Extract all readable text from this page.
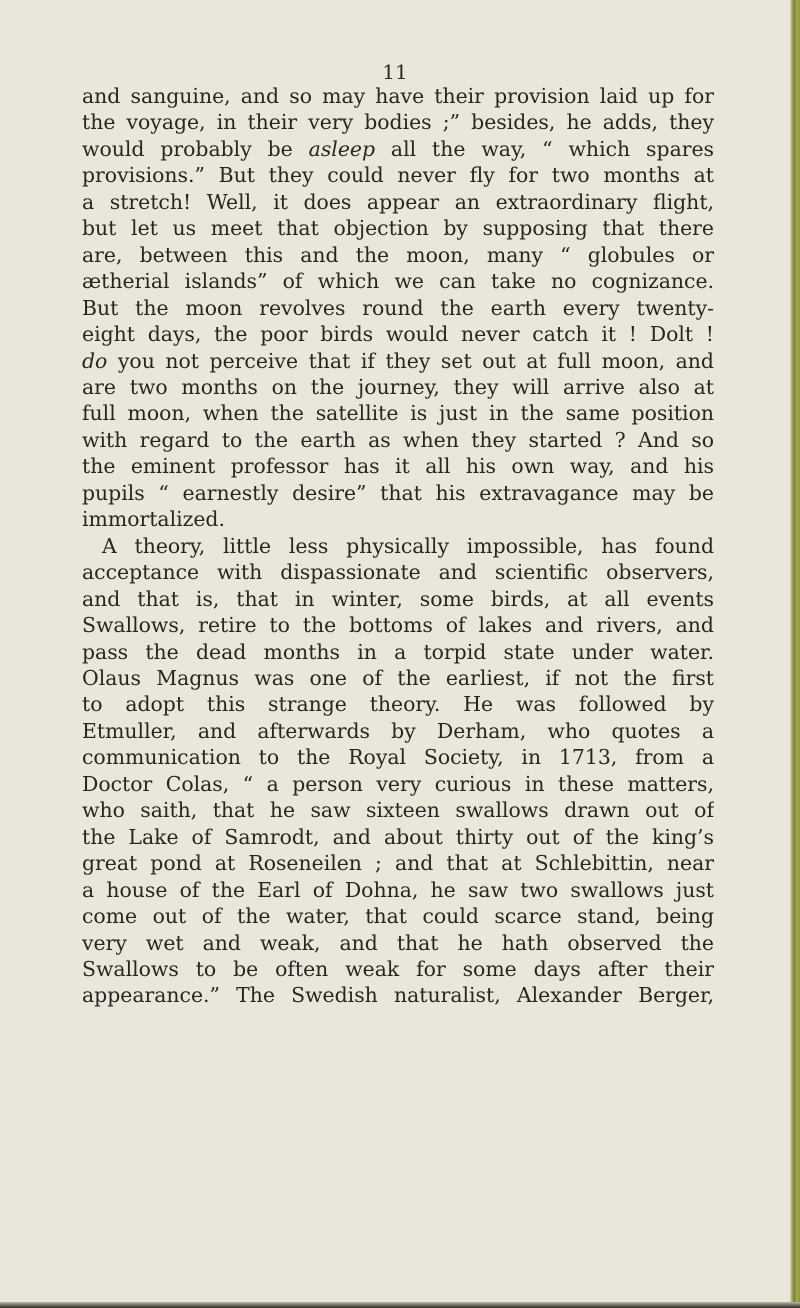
11

and sanguine, and so may have their provision laid up for
the voyage, in their very bodies ;” besides, he adds, they
would probably be asleep all the way, “ which spares
provisions.” But they could never fly for two months at
a stretch! Well, it does appear an extraordinary flight,
but let us meet that objection by supposing that there
are, between this and the moon, many “ globules or
ætherial islands” of which we can take no cognizance.
But the moon revolves round the earth every twenty-
eight days, the poor birds would never catch it ! Dolt !
do you not perceive that if they set out at full moon, and
are two months on the journey, they will arrive also at
full moon, when the satellite is just in the same position
with regard to the earth as when they started ? And so
the eminent professor has it all his own way, and his
pupils “ earnestly desire” that his extravagance may be
immortalized.

A theory, little less physically impossible, has found
acceptance with dispassionate and scientific observers,
and that is, that in winter, some birds, at all events
Swallows, retire to the bottoms of lakes and rivers, and
pass the dead months in a torpid state under water.
Olaus Magnus was one of the earliest, if not the first
to adopt this strange theory. He was followed by
Etmuller, and afterwards by Derham, who quotes a
communication to the Royal Society, in 1713, from a
Doctor Colas, “ a person very curious in these matters,
who saith, that he saw sixteen swallows drawn out of
the Lake of Samrodt, and about thirty out of the king’s
great pond at Roseneilen ; and that at Schlebittin, near
a house of the Earl of Dohna, he saw two swallows just
come out of the water, that could scarce stand, being
very wet and weak, and that he hath observed the
Swallows to be often weak for some days after their
appearance.” The Swedish naturalist, Alexander Berger,
